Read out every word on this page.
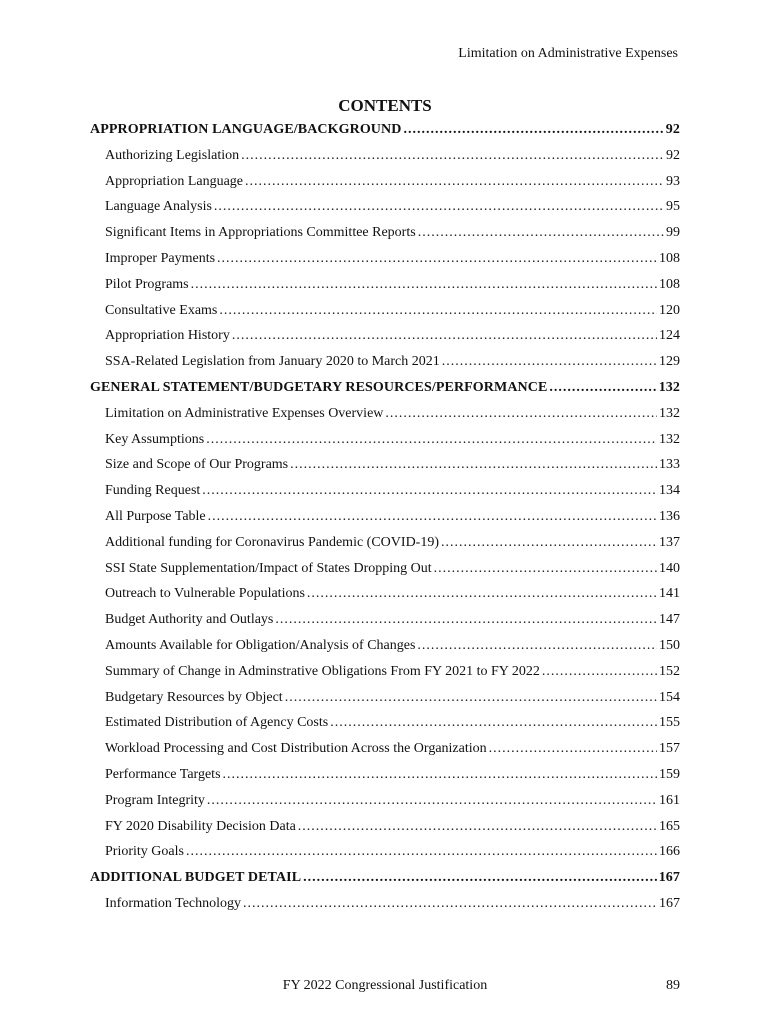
Limitation on Administrative Expenses
CONTENTS
APPROPRIATION LANGUAGE/BACKGROUND .....	92
Authorizing Legislation .....	92
Appropriation Language .....	93
Language Analysis .....	95
Significant Items in Appropriations Committee Reports .....	99
Improper Payments .....	108
Pilot Programs .....	108
Consultative Exams .....	120
Appropriation History .....	124
SSA-Related Legislation from January 2020 to March 2021 .....	129
GENERAL STATEMENT/BUDGETARY RESOURCES/PERFORMANCE .....	132
Limitation on Administrative Expenses Overview .....	132
Key Assumptions .....	132
Size and Scope of Our Programs .....	133
Funding Request .....	134
All Purpose Table .....	136
Additional funding for Coronavirus Pandemic (COVID-19) .....	137
SSI State Supplementation/Impact of States Dropping Out .....	140
Outreach to Vulnerable Populations .....	141
Budget Authority and Outlays .....	147
Amounts Available for Obligation/Analysis of Changes .....	150
Summary of Change in Adminstrative Obligations From FY 2021 to FY 2022 .....	152
Budgetary Resources by Object .....	154
Estimated Distribution of Agency Costs .....	155
Workload Processing and Cost Distribution Across the Organization .....	157
Performance Targets .....	159
Program Integrity .....	161
FY 2020 Disability Decision Data .....	165
Priority Goals .....	166
ADDITIONAL BUDGET DETAIL .....	167
Information Technology .....	167
FY 2022 Congressional Justification	89
